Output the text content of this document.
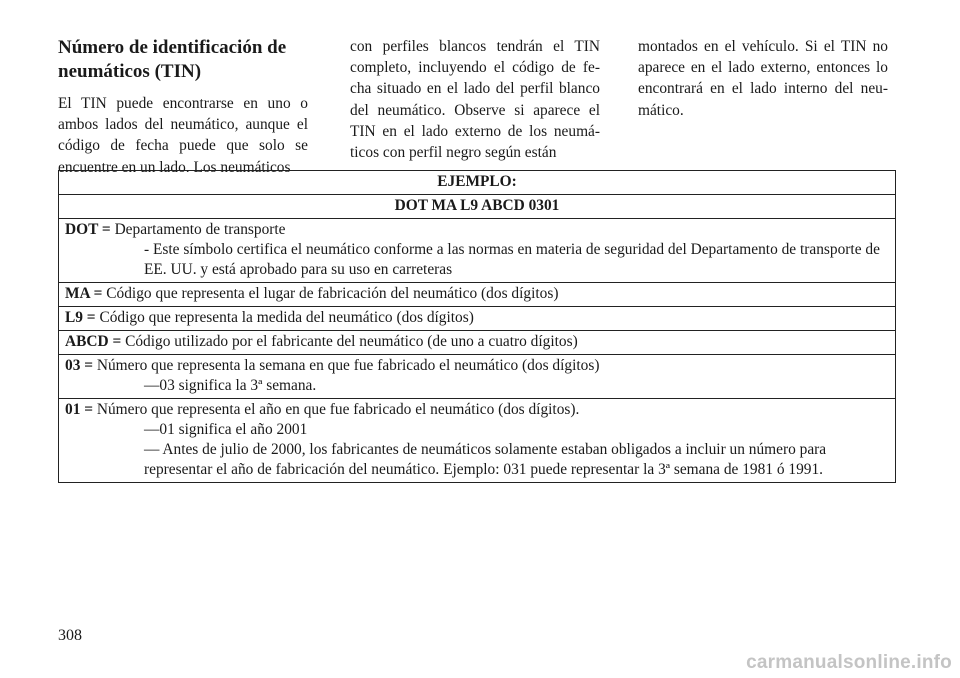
Número de identificación de neumáticos (TIN)

El TIN puede encontrarse en uno o ambos lados del neumático, aunque el código de fecha puede que solo se encuentre en un lado. Los neumáticos

con perfiles blancos tendrán el TIN completo, incluyendo el código de fe-cha situado en el lado del perfil blanco del neumático. Observe si aparece el TIN en el lado externo de los neumá-ticos con perfil negro según están

montados en el vehículo. Si el TIN no aparece en el lado externo, entonces lo encontrará en el lado interno del neu-mático.

EJEMPLO:
DOT MA L9 ABCD 0301
DOT = Departamento de transporte

- Este símbolo certifica el neumático conforme a las normas en materia de seguridad del Departamento de transporte de EE. UU. y está aprobado para su uso en carreteras

MA = Código que representa el lugar de fabricación del neumático (dos dígitos)
L9 = Código que representa la medida del neumático (dos dígitos)
ABCD = Código utilizado por el fabricante del neumático (de uno a cuatro dígitos)
03 = Número que representa la semana en que fue fabricado el neumático (dos dígitos)

—03 significa la 3ª semana.

01 = Número que representa el año en que fue fabricado el neumático (dos dígitos).

—01 significa el año 2001

— Antes de julio de 2000, los fabricantes de neumáticos solamente estaban obligados a incluir un número para representar el año de fabricación del neumático. Ejemplo: 031 puede representar la 3ª semana de 1981 ó 1991.

308
carmanualsonline.info
